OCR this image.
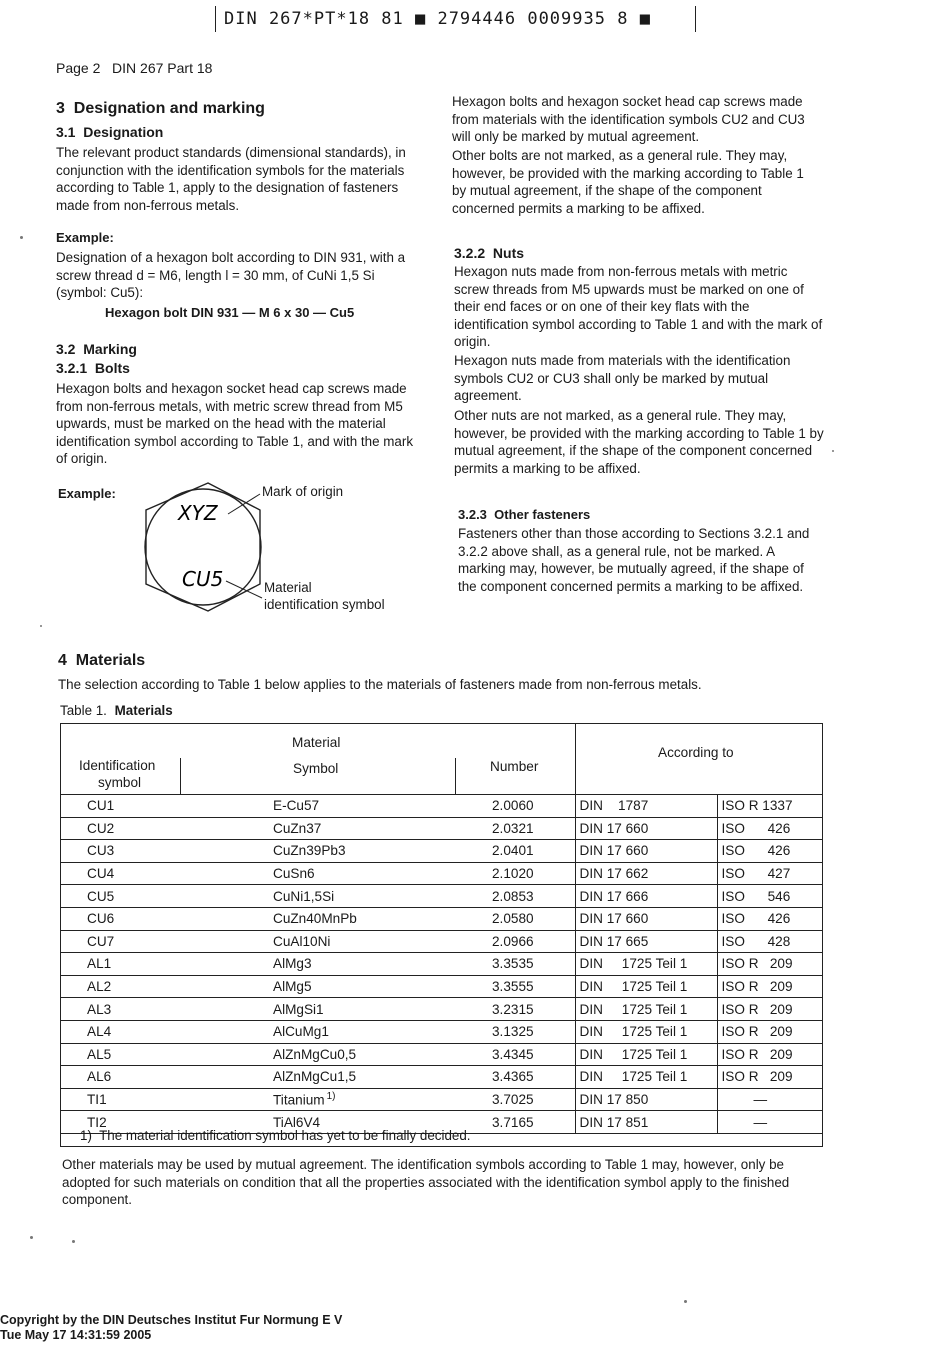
DIN 267*PT*18 81 ■ 2794446 0009935 8 ■
Page 2   DIN 267 Part 18
3  Designation and marking
3.1  Designation
The relevant product standards (dimensional standards), in conjunction with the identification symbols for the materials according to Table 1, apply to the designation of fasteners made from non-ferrous metals.
Example:
Designation of a hexagon bolt according to DIN 931, with a screw thread d = M6, length l = 30 mm, of CuNi 1,5 Si (symbol: Cu5):
Hexagon bolt DIN 931 — M 6 x 30 — Cu5
3.2  Marking
3.2.1  Bolts
Hexagon bolts and hexagon socket head cap screws made from non-ferrous metals, with metric screw thread from M5 upwards, must be marked on the head with the material identification symbol according to Table 1, and with the mark of origin.
Example:
XYZ
CU5
Mark of origin
Material
identification symbol
Hexagon bolts and hexagon socket head cap screws made from materials with the identification symbols CU2 and CU3 will only be marked by mutual agreement.
Other bolts are not marked, as a general rule. They may, however, be provided with the marking according to Table 1 by mutual agreement, if the shape of the component concerned permits a marking to be affixed.
3.2.2  Nuts
Hexagon nuts made from non-ferrous metals with metric screw threads from M5 upwards must be marked on one of their end faces or on one of their key flats with the identification symbol according to Table 1 and with the mark of origin.
Hexagon nuts made from materials with the identification symbols CU2 or CU3 shall only be marked by mutual agreement.
Other nuts are not marked, as a general rule. They may, however, be provided with the marking according to Table 1 by mutual agreement, if the shape of the component concerned permits a marking to be affixed.
3.2.3  Other fasteners
Fasteners other than those according to Sections 3.2.1 and 3.2.2 above shall, as a general rule, not be marked. A marking may, however, be mutually agreed, if the shape of the component concerned permits a marking to be affixed.
4  Materials
The selection according to Table 1 below applies to the materials of fasteners made from non-ferrous metals.
Table 1. Materials
Identification
symbol
Material
Symbol	Number
According to
CU1	E-Cu57	2.0060	DIN    1787	ISO R 1337
CU2	CuZn37	2.0321	DIN 17 660	ISO      426
CU3	CuZn39Pb3	2.0401	DIN 17 660	ISO      426
CU4	CuSn6	2.1020	DIN 17 662	ISO      427
CU5	CuNi1,5Si	2.0853	DIN 17 666	ISO      546
CU6	CuZn40MnPb	2.0580	DIN 17 660	ISO      426
CU7	CuAl10Ni	2.0966	DIN 17 665	ISO      428
AL1	AlMg3	3.3535	DIN     1725 Teil 1	ISO R   209
AL2	AlMg5	3.3555	DIN     1725 Teil 1	ISO R   209
AL3	AlMgSi1	3.2315	DIN     1725 Teil 1	ISO R   209
AL4	AlCuMg1	3.1325	DIN     1725 Teil 1	ISO R   209
AL5	AlZnMgCu0,5	3.4345	DIN     1725 Teil 1	ISO R   209
AL6	AlZnMgCu1,5	3.4365	DIN     1725 Teil 1	ISO R   209
TI1	Titanium $^{1)}$	3.7025	DIN 17 850	—
TI2	TiAl6V4	3.7165	DIN 17 851	—

1)  The material identification symbol has yet to be finally decided.
Other materials may be used by mutual agreement. The identification symbols according to Table 1 may, however, only be adopted for such materials on condition that all the properties associated with the identification symbol apply to the finished component.
Copyright by the DIN Deutsches Institut Fur Normung E V
Tue May 17 14:31:59 2005
